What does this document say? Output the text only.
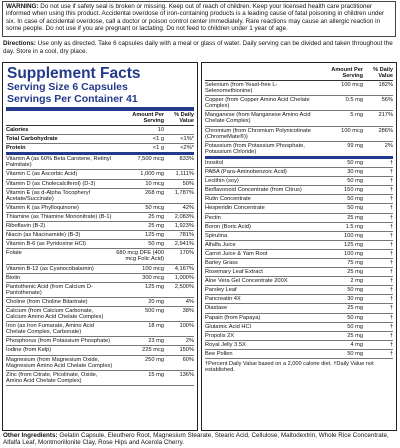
WARNING: Do not use if safety seal is broken or missing. Keep out of reach of children. Keep your licensed health care practitioner informed when using this product. Accidental overdose of iron-containing products is a leading cause of fatal poisoning in children under six. In case of accidental overdose, call a doctor or poison control center immediately. Rare reactions may cause an allergic reaction in some people. Do not use if you are pregnant or lactating. Do not feed to children under 1 year of age.
Directions: Use only as directed. Take 6 capsules daily with a meal or glass of water. Daily serving can be divided and taken throughout the day. Store in a cool, dry place.
Supplement Facts
Serving Size 6 Capsules
Servings Per Container 41
Amount Per Serving
% Daily Value
Calories	10
Total Carbohydrate	<1 g	<1%*
Protein	<1 g	<2%*
Vitamin A (as 60% Beta Carotene, Retinyl Palmitate)
7,500 mcg	833%
Vitamin C (as Ascorbic Acid)	1,000 mg	1,111%
Vitamin D (as Cholecalciferol) (D-3)	10 mcg	50%
Vitamin E (as d-Alpha Tocopheryl Acetate/Succinate)
268 mg	1,787%
Vitamin K (as Phylloquinone)	50 mcg	42%
Thiamine (as Thiamine Mononitrate) (B-1)	25 mg	2,083%
Riboflavin (B-2)	25 mg	1,923%
Niacin (as Niacinamide) (B-3)	125 mg	781%
Vitamin B-6 (as Pyridoxine HCl)	50 mg	2,941%
Folate	680 mcg DFE (400 mcg Folic Acid)
170%
Vitamin B-12 (as Cyanocobalamin)	100 mcg	4,167%
Biotin	300 mcg	1,000%
Pantothenic Acid (from Calcium D-Pantothenate)
125 mg	2,500%
Choline (from Choline Bitartrate)	20 mg	4%
Calcium (from Calcium Carbonate, Calcium Amino Acid Chelate Complex)
500 mg	38%
Iron (as Iron Fumarate, Amino Acid Chelate Complex, Carbonate)
18 mg	100%
Phosphorus (from Potassium Phosphate)	23 mg	2%
Iodine (from Kelp)	225 mcg	150%
Magnesium (from Magnesium Oxide, Magnesium Amino Acid Chelate Complex)
250 mg	60%
Zinc (from Citrate, Picolinate, Oxide, Amino Acid Chelate Complex)
15 mg	136%
Amount Per Serving
% Daily Value
Selenium (from Yeast-free L-Selenomethionine)
100 mcg	182%
Copper (from Copper Amino Acid Chelate Complex)
0.5 mg	56%
Manganese (from Manganese Amino Acid Chelate Complex)
5 mg	217%
Chromium (from Chromium Polynicotinate (ChromeMate®))
100 mcg	286%
Potassium (from Potassium Phosphate, Potassium Chloride)
99 mg	2%
Inositol	50 mg	†
PABA (Para-Aminobenzoic Acid)	30 mg	†
Lecithin (soy)	50 mg	†
Bioflavonoid Concentrate (from Citrus)	150 mg	†
Rutin Concentrate	50 mg	†
Hesperidin Concentrate	50 mg	†
Pectin	25 mg	†
Boron (Boric Acid)	1.5 mg	†
Spirulina	100 mg	†
Alfalfa Juice	125 mg	†
Carrot Juice & Yam Root	100 mg	†
Barley Grass	75 mg	†
Rosemary Leaf Extract	25 mg	†
Aloe Vera Gel Concentrate 200X	2 mg	†
Parsley Leaf	50 mg	†
Pancreatin 4X	30 mg	†
Diastase	25 mg	†
Papain (from Papaya)	50 mg	†
Glutamic Acid HCl	50 mg	†
Propolis 2X	25 mg	†
Royal Jelly 3.5X	4 mg	†
Bee Pollen	50 mg	†
†Percent Daily Value based on a 2,000 calorie diet. †Daily Value not established.
Other Ingredients: Gelatin Capsule, Eleuthero Root, Magnesium Stearate, Stearic Acid, Cellulose, Maltodextrin, Whole Rice Concentrate, Alfalfa Leaf, Montmorillonite Clay, Rose Hips and Acerola Cherry.
